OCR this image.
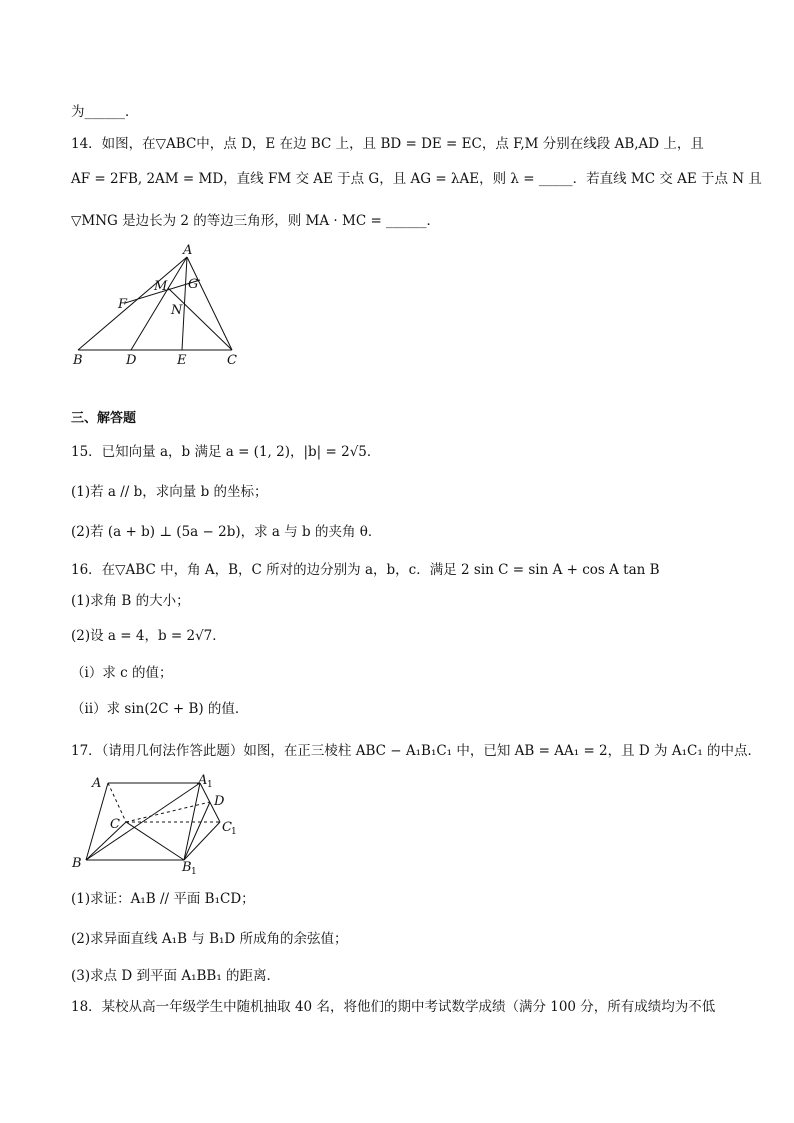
为______．
14．如图，在▽ABC中，点 D，E 在边 BC 上，且 BD = DE = EC，点 F,M 分别在线段 AB,AD 上，且
AF = 2FB, 2AM = MD，直线 FM 交 AE 于点 G，且 AG = λAE，则 λ = _____．若直线 MC 交 AE 于点 N 且
▽MNG 是边长为 2 的等边三角形，则 MA · MC = ______．
A
B	D	E	C
F
M G
N
三、解答题
15．已知向量 a，b 满足 a = (1, 2)，|b| = 2√5．
(1)若 a // b，求向量 b 的坐标；
(2)若 (a + b) ⊥ (5a − 2b)，求 a 与 b 的夹角 θ．
16．在▽ABC 中，角 A，B，C 所对的边分别为 a，b，c．满足 2 sin C = sin A + cos A tan B
(1)求角 B 的大小；
(2)设 a = 4，b = 2√7．
（ⅰ）求 c 的值；
（ⅱ）求 sin(2C + B) 的值．
17．（请用几何法作答此题）如图，在正三棱柱 ABC − A₁B₁C₁ 中，已知 AB = AA₁ = 2，且 D 为 A₁C₁ 的中点．
A	A 1
D
C	C 1
B	B 1
(1)求证：A₁B // 平面 B₁CD；
(2)求异面直线 A₁B 与 B₁D 所成角的余弦值；
(3)求点 D 到平面 A₁BB₁ 的距离．
18．某校从高一年级学生中随机抽取 40 名，将他们的期中考试数学成绩（满分 100 分，所有成绩均为不低
